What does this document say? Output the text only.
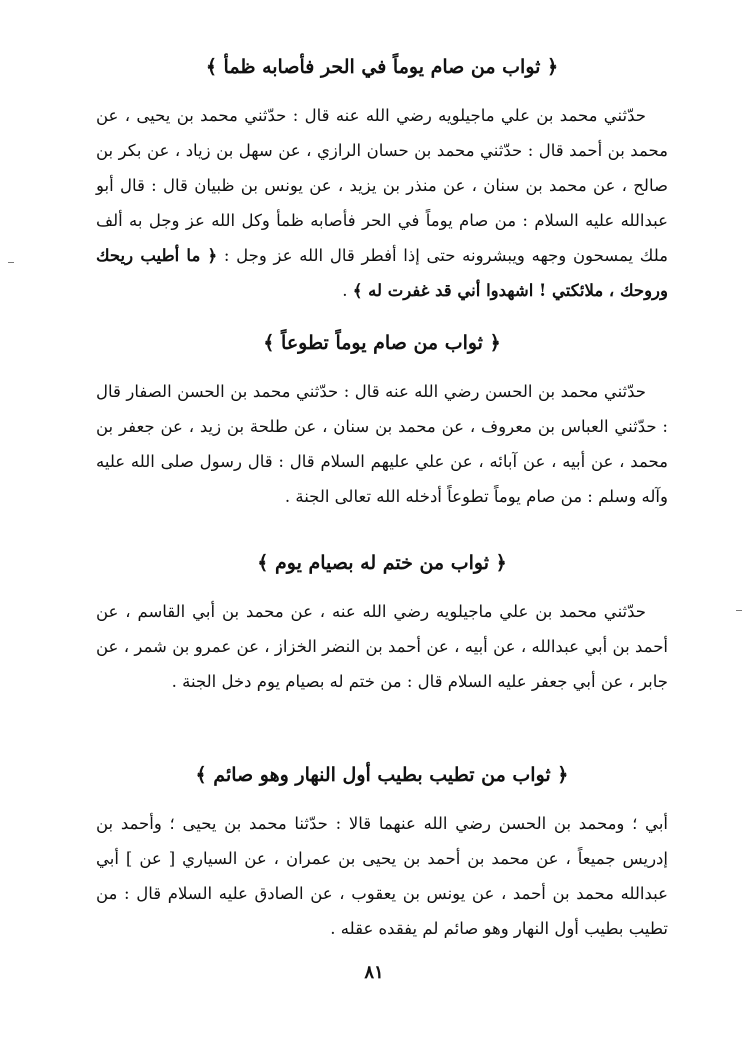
﴿ ثواب من صام يوماً في الحر فأصابه ظمأ ﴾

حدّثني محمد بن علي ماجيلويه رضي الله عنه قال : حدّثني محمد بن يحيى ، عن محمد بن أحمد قال : حدّثني محمد بن حسان الرازي ، عن سهل بن زياد ، عن بكر بن صالح ، عن محمد بن سنان ، عن منذر بن يزيد ، عن يونس بن ظبيان قال : قال أبو عبدالله عليه السلام : من صام يوماً في الحر فأصابه ظمأ وكل الله عز وجل به ألف ملك يمسحون وجهه ويبشرونه حتى إذا أفطر قال الله عز وجل : ﴿ ما أطيب ريحك وروحك ، ملائكتي ! اشهدوا أني قد غفرت له ﴾ .

﴿ ثواب من صام يوماً تطوعاً ﴾

حدّثني محمد بن الحسن رضي الله عنه قال : حدّثني محمد بن الحسن الصفار قال : حدّثني العباس بن معروف ، عن محمد بن سنان ، عن طلحة بن زيد ، عن جعفر بن محمد ، عن أبيه ، عن آبائه ، عن علي عليهم السلام قال : قال رسول صلى الله عليه وآله وسلم : من صام يوماً تطوعاً أدخله الله تعالى الجنة .

﴿ ثواب من ختم له بصيام يوم ﴾

حدّثني محمد بن علي ماجيلويه رضي الله عنه ، عن محمد بن أبي القاسم ، عن أحمد بن أبي عبدالله ، عن أبيه ، عن أحمد بن النضر الخزاز ، عن عمرو بن شمر ، عن جابر ، عن أبي جعفر عليه السلام قال : من ختم له بصيام يوم دخل الجنة .

﴿ ثواب من تطيب بطيب أول النهار وهو صائم ﴾

أبي ؛ ومحمد بن الحسن رضي الله عنهما قالا : حدّثنا محمد بن يحيى ؛ وأحمد بن إدريس جميعاً ، عن محمد بن أحمد بن يحيى بن عمران ، عن السياري [ عن ] أبي عبدالله محمد بن أحمد ، عن يونس بن يعقوب ، عن الصادق عليه السلام قال : من تطيب بطيب أول النهار وهو صائم لم يفقده عقله .

٨١
